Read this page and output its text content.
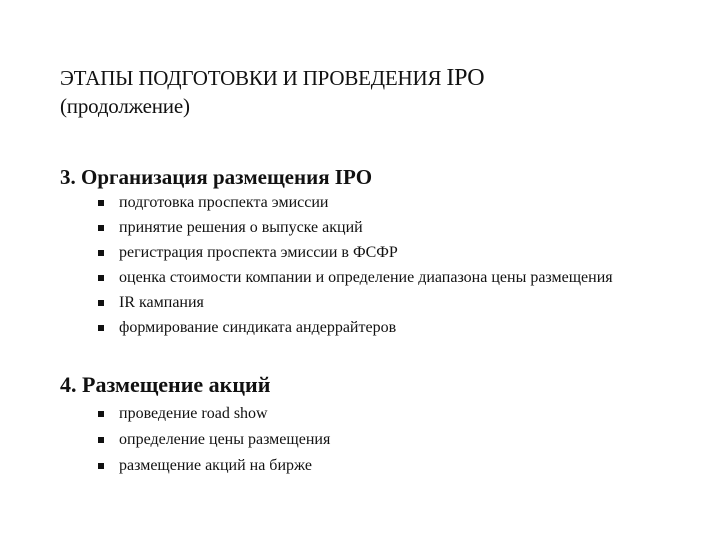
ЭТАПЫ ПОДГОТОВКИ И ПРОВЕДЕНИЯ IPO
(продолжение)
3. Организация размещения IPO
подготовка проспекта эмиссии
принятие решения о выпуске акций
регистрация проспекта эмиссии в ФСФР
оценка стоимости компании и определение диапазона цены размещения
IR кампания
формирование синдиката андеррайтеров
4. Размещение акций
проведение road show
определение цены размещения
размещение акций на бирже
